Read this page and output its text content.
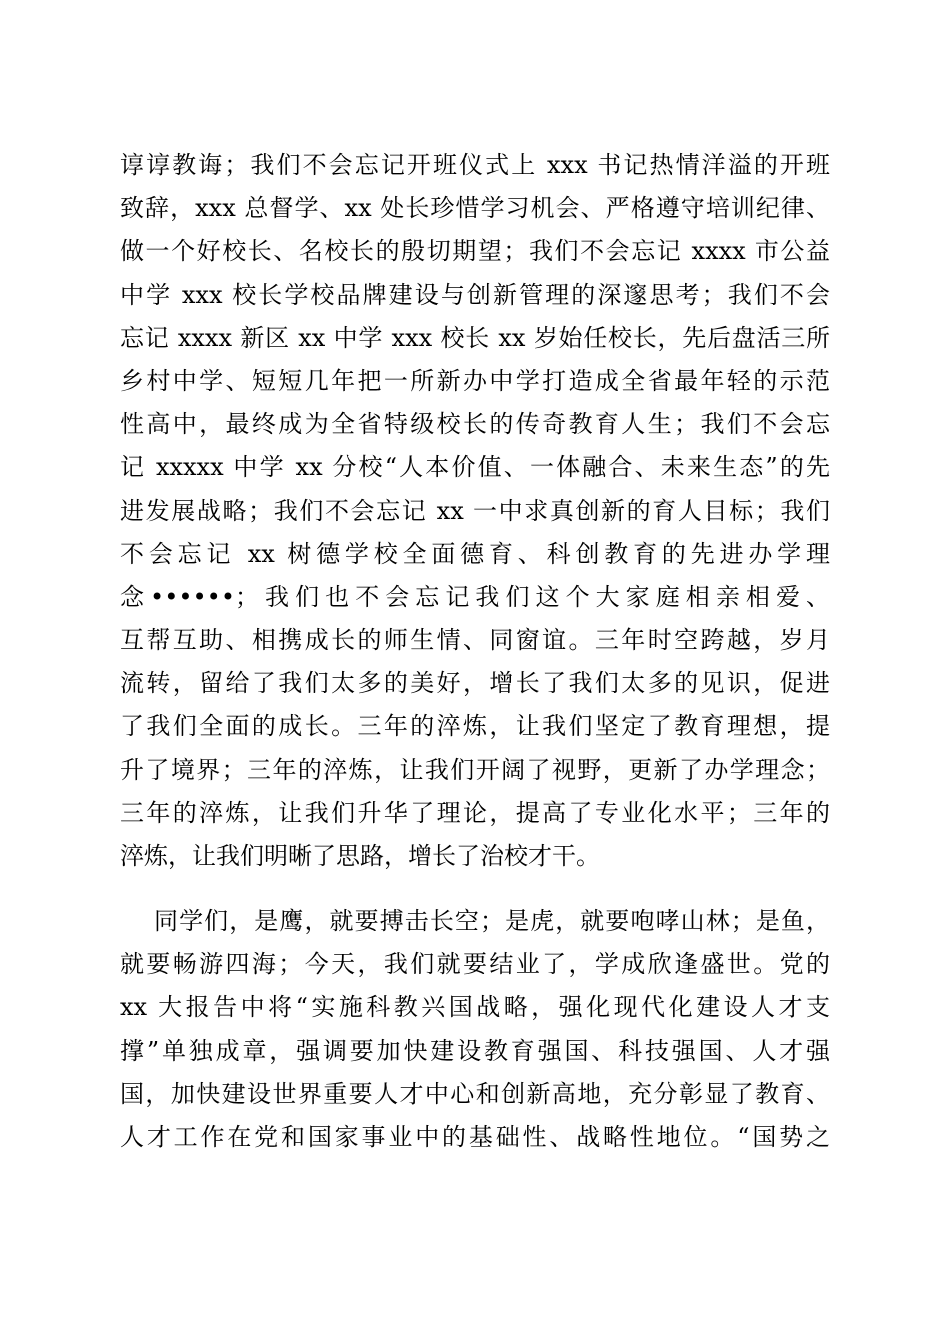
谆谆教诲；我们不会忘记开班仪式上 xxx 书记热情洋溢的开班
致辞，xxx 总督学、xx 处长珍惜学习机会、严格遵守培训纪律、
做一个好校长、名校长的殷切期望；我们不会忘记 xxxx 市公益
中学 xxx 校长学校品牌建设与创新管理的深邃思考；我们不会
忘记 xxxx 新区 xx 中学 xxx 校长 xx 岁始任校长，先后盘活三所
乡村中学、短短几年把一所新办中学打造成全省最年轻的示范
性高中，最终成为全省特级校长的传奇教育人生；我们不会忘
记 xxxxx 中学 xx 分校“人本价值、一体融合、未来生态”的先
进发展战略；我们不会忘记 xx 一中求真创新的育人目标；我们
不会忘记 xx 树德学校全面德育、科创教育的先进办学理
念••••••；我们也不会忘记我们这个大家庭相亲相爱、
互帮互助、相携成长的师生情、同窗谊。三年时空跨越，岁月
流转，留给了我们太多的美好，增长了我们太多的见识，促进
了我们全面的成长。三年的淬炼，让我们坚定了教育理想，提
升了境界；三年的淬炼，让我们开阔了视野，更新了办学理念；
三年的淬炼，让我们升华了理论，提高了专业化水平；三年的
淬炼，让我们明晰了思路，增长了治校才干。
同学们，是鹰，就要搏击长空；是虎，就要咆哮山林；是鱼，
就要畅游四海；今天，我们就要结业了，学成欣逢盛世。党的
xx 大报告中将“实施科教兴国战略，强化现代化建设人才支
撑”单独成章，强调要加快建设教育强国、科技强国、人才强
国，加快建设世界重要人才中心和创新高地，充分彰显了教育、
人才工作在党和国家事业中的基础性、战略性地位。“国势之
